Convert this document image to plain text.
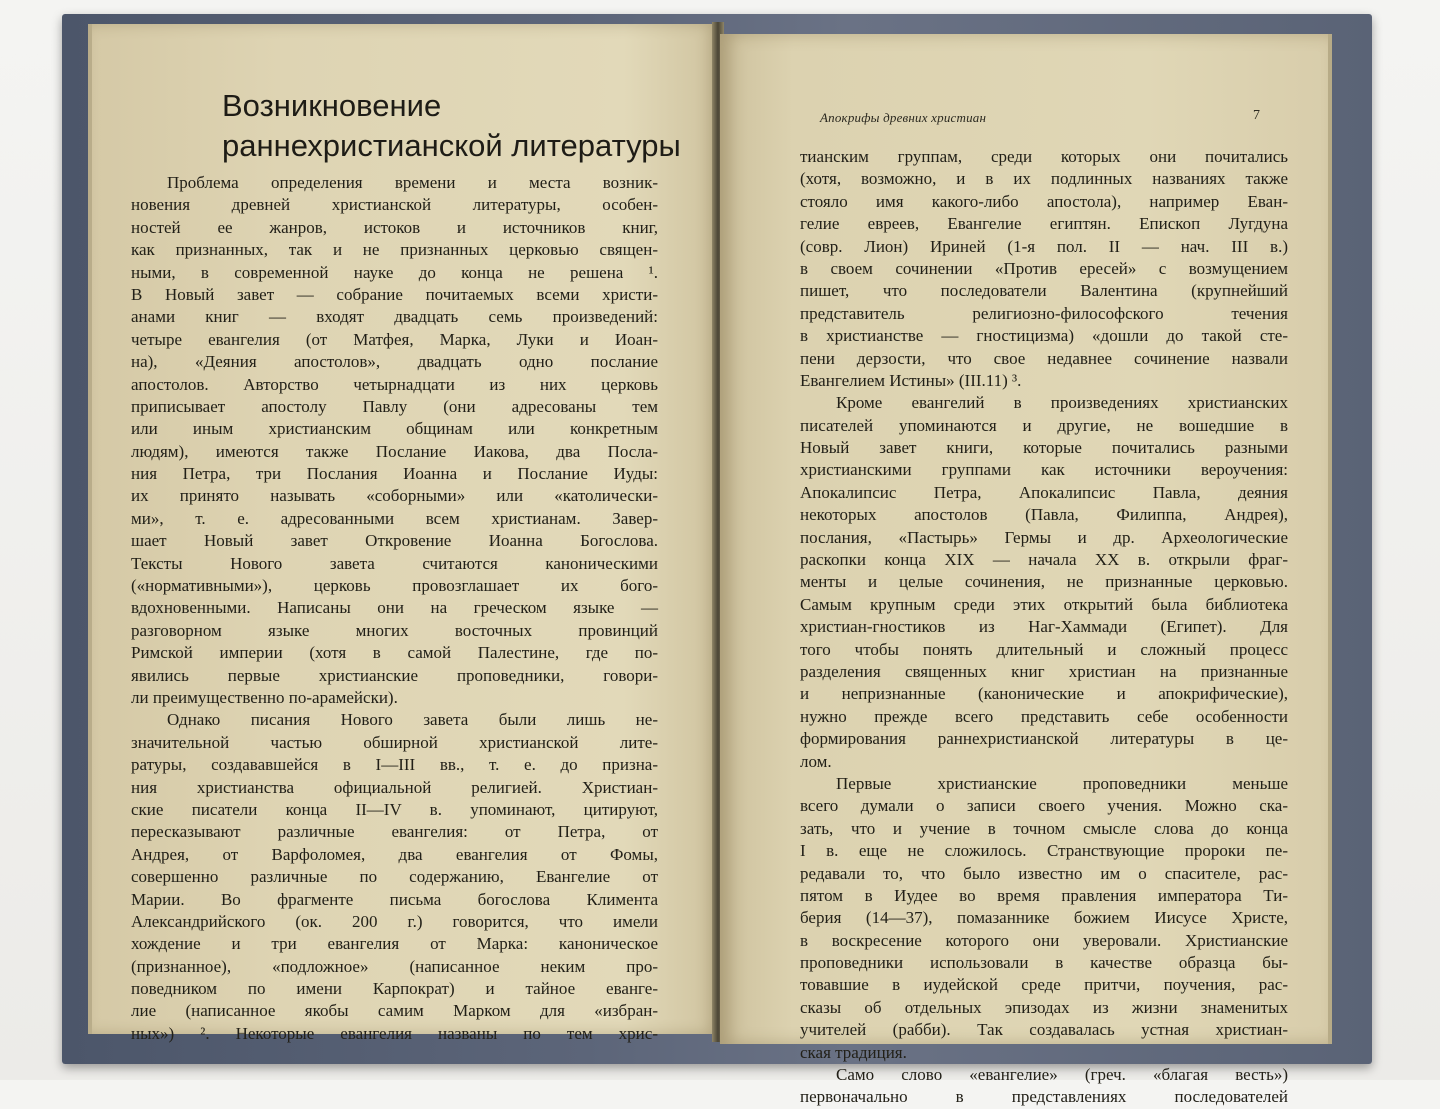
Возникновение
раннехристианской литературы
Проблема определения времени и места возник-
новения древней христианской литературы, особен-
ностей ее жанров, истоков и источников книг,
как признанных, так и не признанных церковью священ-
ными, в современной науке до конца не решена ¹.
В Новый завет — собрание почитаемых всеми христи-
анами книг — входят двадцать семь произведений:
четыре евангелия (от Матфея, Марка, Луки и Иоан-
на), «Деяния апостолов», двадцать одно послание
апостолов. Авторство четырнадцати из них церковь
приписывает апостолу Павлу (они адресованы тем
или иным христианским общинам или конкретным
людям), имеются также Послание Иакова, два Посла-
ния Петра, три Послания Иоанна и Послание Иуды:
их принято называть «соборными» или «католически-
ми», т. е. адресованными всем христианам. Завер-
шает Новый завет Откровение Иоанна Богослова.
Тексты Нового завета считаются каноническими
(«нормативными»), церковь провозглашает их бого-
вдохновенными. Написаны они на греческом языке —
разговорном языке многих восточных провинций
Римской империи (хотя в самой Палестине, где по-
явились первые христианские проповедники, говори-
ли преимущественно по-арамейски).
Однако писания Нового завета были лишь не-
значительной частью обширной христианской лите-
ратуры, создававшейся в I—III вв., т. е. до призна-
ния христианства официальной религией. Христиан-
ские писатели конца II—IV в. упоминают, цитируют,
пересказывают различные евангелия: от Петра, от
Андрея, от Варфоломея, два евангелия от Фомы,
совершенно различные по содержанию, Евангелие от
Марии. Во фрагменте письма богослова Климента
Александрийского (ок. 200 г.) говорится, что имели
хождение и три евангелия от Марка: каноническое
(признанное), «подложное» (написанное неким про-
поведником по имени Карпократ) и тайное еванге-
лие (написанное якобы самим Марком для «избран-
ных») ². Некоторые евангелия названы по тем хрис-
Апокрифы древних христиан	7
тианским группам, среди которых они почитались
(хотя, возможно, и в их подлинных названиях также
стояло имя какого-либо апостола), например Еван-
гелие евреев, Евангелие египтян. Епископ Лугдуна
(совр. Лион) Ириней (1-я пол. II — нач. III в.)
в своем сочинении «Против ересей» с возмущением
пишет, что последователи Валентина (крупнейший
представитель религиозно-философского течения
в христианстве — гностицизма) «дошли до такой сте-
пени дерзости, что свое недавнее сочинение назвали
Евангелием Истины» (III.11) ³.
Кроме евангелий в произведениях христианских
писателей упоминаются и другие, не вошедшие в
Новый завет книги, которые почитались разными
христианскими группами как источники вероучения:
Апокалипсис Петра, Апокалипсис Павла, деяния
некоторых апостолов (Павла, Филиппа, Андрея),
послания, «Пастырь» Гермы и др. Археологические
раскопки конца XIX — начала XX в. открыли фраг-
менты и целые сочинения, не признанные церковью.
Самым крупным среди этих открытий была библиотека
христиан-гностиков из Наг-Хаммади (Египет). Для
того чтобы понять длительный и сложный процесс
разделения священных книг христиан на признанные
и непризнанные (канонические и апокрифические),
нужно прежде всего представить себе особенности
формирования раннехристианской литературы в це-
лом.
Первые христианские проповедники меньше
всего думали о записи своего учения. Можно ска-
зать, что и учение в точном смысле слова до конца
I в. еще не сложилось. Странствующие пророки пе-
редавали то, что было известно им о спасителе, рас-
пятом в Иудее во время правления императора Ти-
берия (14—37), помазаннике божием Иисусе Христе,
в воскресение которого они уверовали. Христианские
проповедники использовали в качестве образца бы-
товавшие в иудейской среде притчи, поучения, рас-
сказы об отдельных эпизодах из жизни знаменитых
учителей (рабби). Так создавалась устная христиан-
ская традиция.
Само слово «евангелие» (греч. «благая весть»)
первоначально в представлениях последователей
